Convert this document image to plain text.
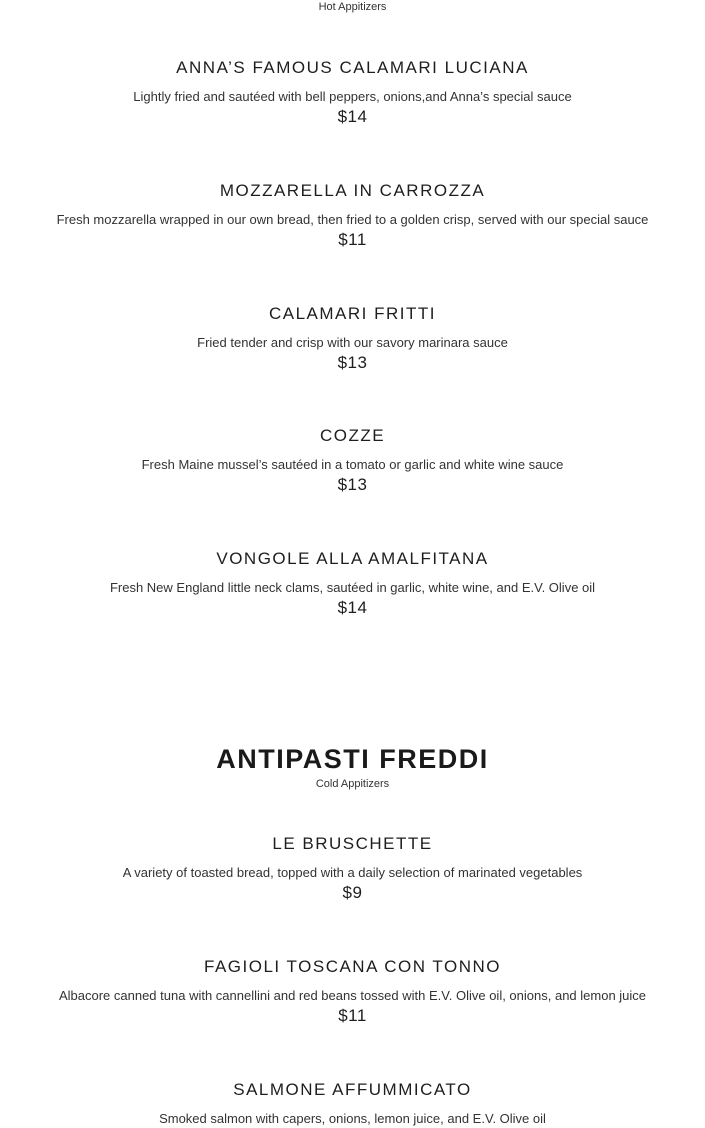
Hot Appitizers
ANNA’S FAMOUS CALAMARI LUCIANA
Lightly fried and sautéed with bell peppers, onions,and Anna’s special sauce
$14
MOZZARELLA IN CARROZZA
Fresh mozzarella wrapped in our own bread, then fried to a golden crisp, served with our special sauce
$11
CALAMARI FRITTI
Fried tender and crisp with our savory marinara sauce
$13
COZZE
Fresh Maine mussel’s sautéed in a tomato or garlic and white wine sauce
$13
VONGOLE ALLA AMALFITANA
Fresh New England little neck clams, sautéed in garlic, white wine, and E.V. Olive oil
$14
ANTIPASTI FREDDI
Cold Appitizers
LE BRUSCHETTE
A variety of toasted bread, topped with a daily selection of marinated vegetables
$9
FAGIOLI TOSCANA CON TONNO
Albacore canned tuna with cannellini and red beans tossed with E.V. Olive oil, onions, and lemon juice
$11
SALMONE AFFUMMICATO
Smoked salmon with capers, onions, lemon juice, and E.V. Olive oil
